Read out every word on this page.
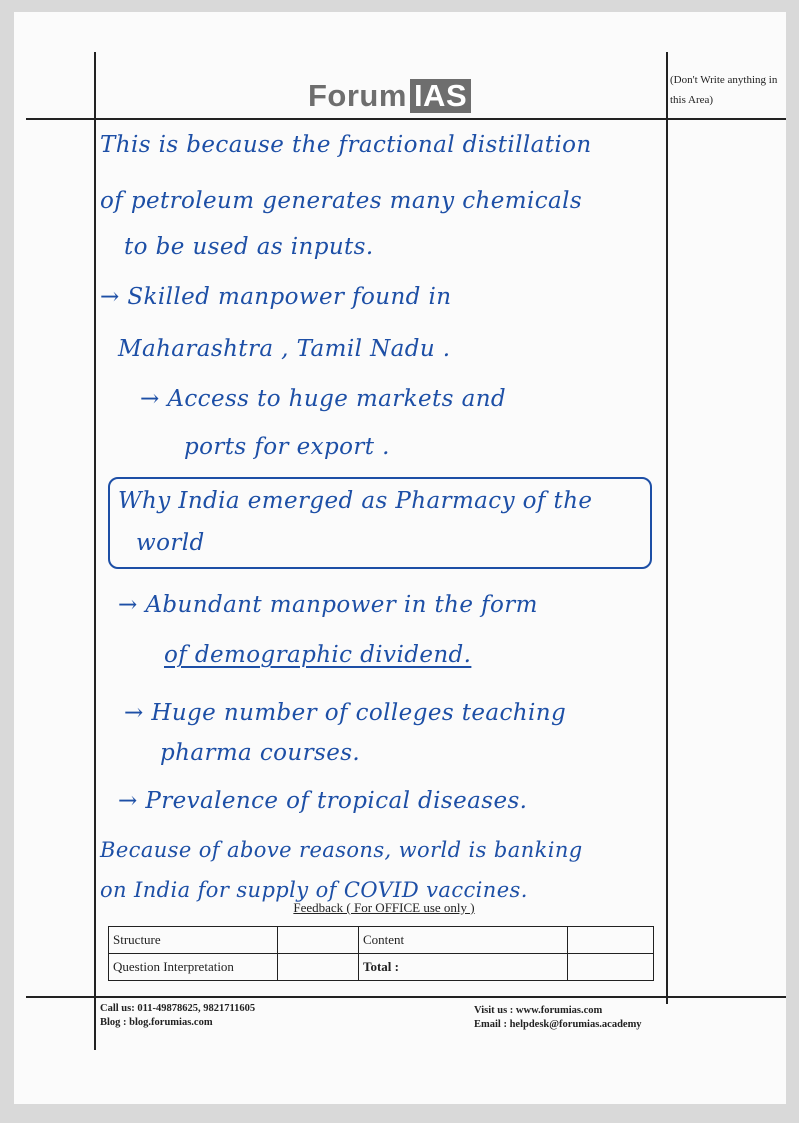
Forum IAS	(Don't Write anything in this Area)
This is because the fractional distillation
of petroleum generates many chemicals
to be used as inputs.
→ Skilled manpower found in
Maharashtra , Tamil Nadu .
→ Access to huge markets and
ports for export .
Why India emerged as Pharmacy of the
world
→ Abundant manpower in the form
of demographic dividend.
→ Huge number of colleges teaching
pharma courses.
→ Prevalence of tropical diseases.
Because of above reasons, world is banking
on India for supply of COVID vaccines.
Feedback ( For OFFICE use only )
Structure		Content	
Question Interpretation		Total :	
Call us: 011-49878625, 9821711605
Blog : blog.forumias.com
Visit us : www.forumias.com
Email : helpdesk@forumias.academy
